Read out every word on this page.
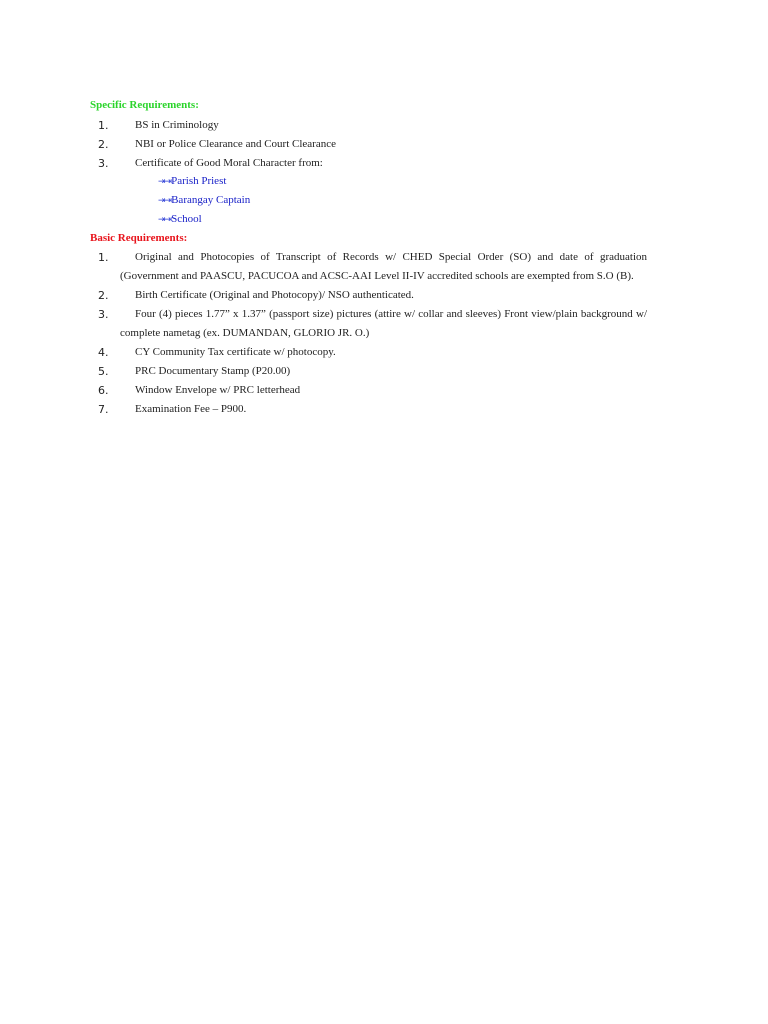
Specific Requirements:
1.	BS in Criminology
2.	NBI or Police Clearance and Court Clearance
3.	Certificate of Good Moral Character from:
⇥⇥Parish Priest
⇥⇥Barangay Captain
⇥⇥School
Basic Requirements:
1.	Original and Photocopies of Transcript of Records w/ CHED Special Order (SO) and date of graduation (Government and PAASCU, PACUCOA and ACSC-AAI Level II-IV accredited schools are exempted from S.O (B).
2.	Birth Certificate (Original and Photocopy)/ NSO authenticated.
3.	Four (4) pieces 1.77” x 1.37” (passport size) pictures (attire w/ collar and sleeves) Front view/plain background w/ complete nametag (ex. DUMANDAN, GLORIO JR. O.)
4.	CY Community Tax certificate w/ photocopy.
5.	PRC Documentary Stamp (P20.00)
6.	Window Envelope w/ PRC letterhead
7.	Examination Fee – P900.
